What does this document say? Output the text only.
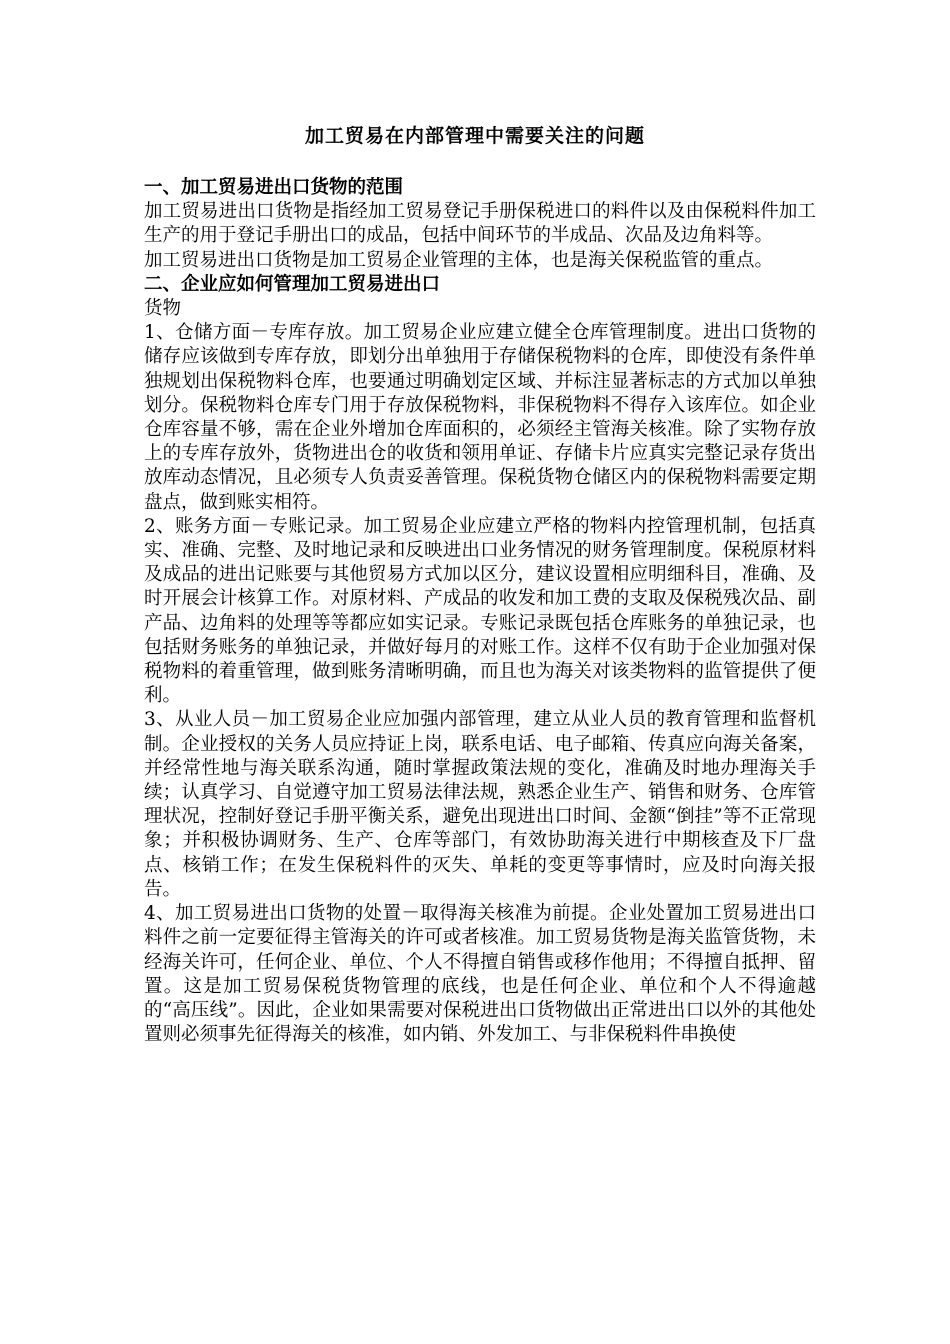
加工贸易在内部管理中需要关注的问题

一、加工贸易进出口货物的范围

加工贸易进出口货物是指经加工贸易登记手册保税进口的料件以及由保税料件加工生产的用于登记手册出口的成品，包括中间环节的半成品、次品及边角料等。

加工贸易进出口货物是加工贸易企业管理的主体，也是海关保税监管的重点。

二、企业应如何管理加工贸易进出口

货物

1、仓储方面－专库存放。加工贸易企业应建立健全仓库管理制度。进出口货物的储存应该做到专库存放，即划分出单独用于存储保税物料的仓库，即使没有条件单独规划出保税物料仓库，也要通过明确划定区域、并标注显著标志的方式加以单独划分。保税物料仓库专门用于存放保税物料，非保税物料不得存入该库位。如企业仓库容量不够，需在企业外增加仓库面积的，必须经主管海关核准。除了实物存放上的专库存放外，货物进出仓的收货和领用单证、存储卡片应真实完整记录存货出放库动态情况，且必须专人负责妥善管理。保税货物仓储区内的保税物料需要定期盘点，做到账实相符。

2、账务方面－专账记录。加工贸易企业应建立严格的物料内控管理机制，包括真实、准确、完整、及时地记录和反映进出口业务情况的财务管理制度。保税原材料及成品的进出记账要与其他贸易方式加以区分，建议设置相应明细科目，准确、及时开展会计核算工作。对原材料、产成品的收发和加工费的支取及保税残次品、副产品、边角料的处理等等都应如实记录。专账记录既包括仓库账务的单独记录，也包括财务账务的单独记录，并做好每月的对账工作。这样不仅有助于企业加强对保税物料的着重管理，做到账务清晰明确，而且也为海关对该类物料的监管提供了便利。

3、从业人员－加工贸易企业应加强内部管理，建立从业人员的教育管理和监督机制。企业授权的关务人员应持证上岗，联系电话、电子邮箱、传真应向海关备案，并经常性地与海关联系沟通，随时掌握政策法规的变化，准确及时地办理海关手续；认真学习、自觉遵守加工贸易法律法规，熟悉企业生产、销售和财务、仓库管理状况，控制好登记手册平衡关系，避免出现进出口时间、金额“倒挂”等不正常现象；并积极协调财务、生产、仓库等部门，有效协助海关进行中期核查及下厂盘点、核销工作；在发生保税料件的灭失、单耗的变更等事情时，应及时向海关报告。

4、加工贸易进出口货物的处置－取得海关核准为前提。企业处置加工贸易进出口料件之前一定要征得主管海关的许可或者核准。加工贸易货物是海关监管货物，未经海关许可，任何企业、单位、个人不得擅自销售或移作他用；不得擅自抵押、留置。这是加工贸易保税货物管理的底线，也是任何企业、单位和个人不得逾越的“高压线”。因此，企业如果需要对保税进出口货物做出正常进出口以外的其他处置则必须事先征得海关的核准，如内销、外发加工、与非保税料件串换使
